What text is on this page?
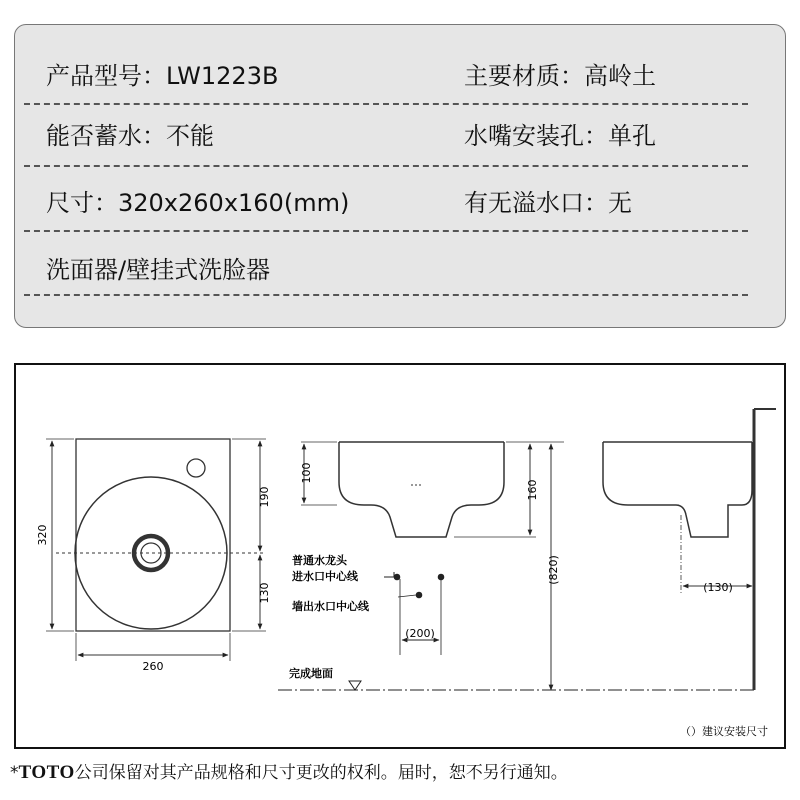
产品型号：LW1223B	主要材质：高岭土
能否蓄水：不能	水嘴安装孔：单孔
尺寸：320x260x160(mm)	有无溢水口：无
洗面器/壁挂式洗脸器
320
190
130
260
100
160
(820)
普通水龙头
进水口中心线
墙出水口中心线
(200)
完成地面
(130)
（）建议安装尺寸
*TOTO公司保留对其产品规格和尺寸更改的权利。届时，恕不另行通知。
